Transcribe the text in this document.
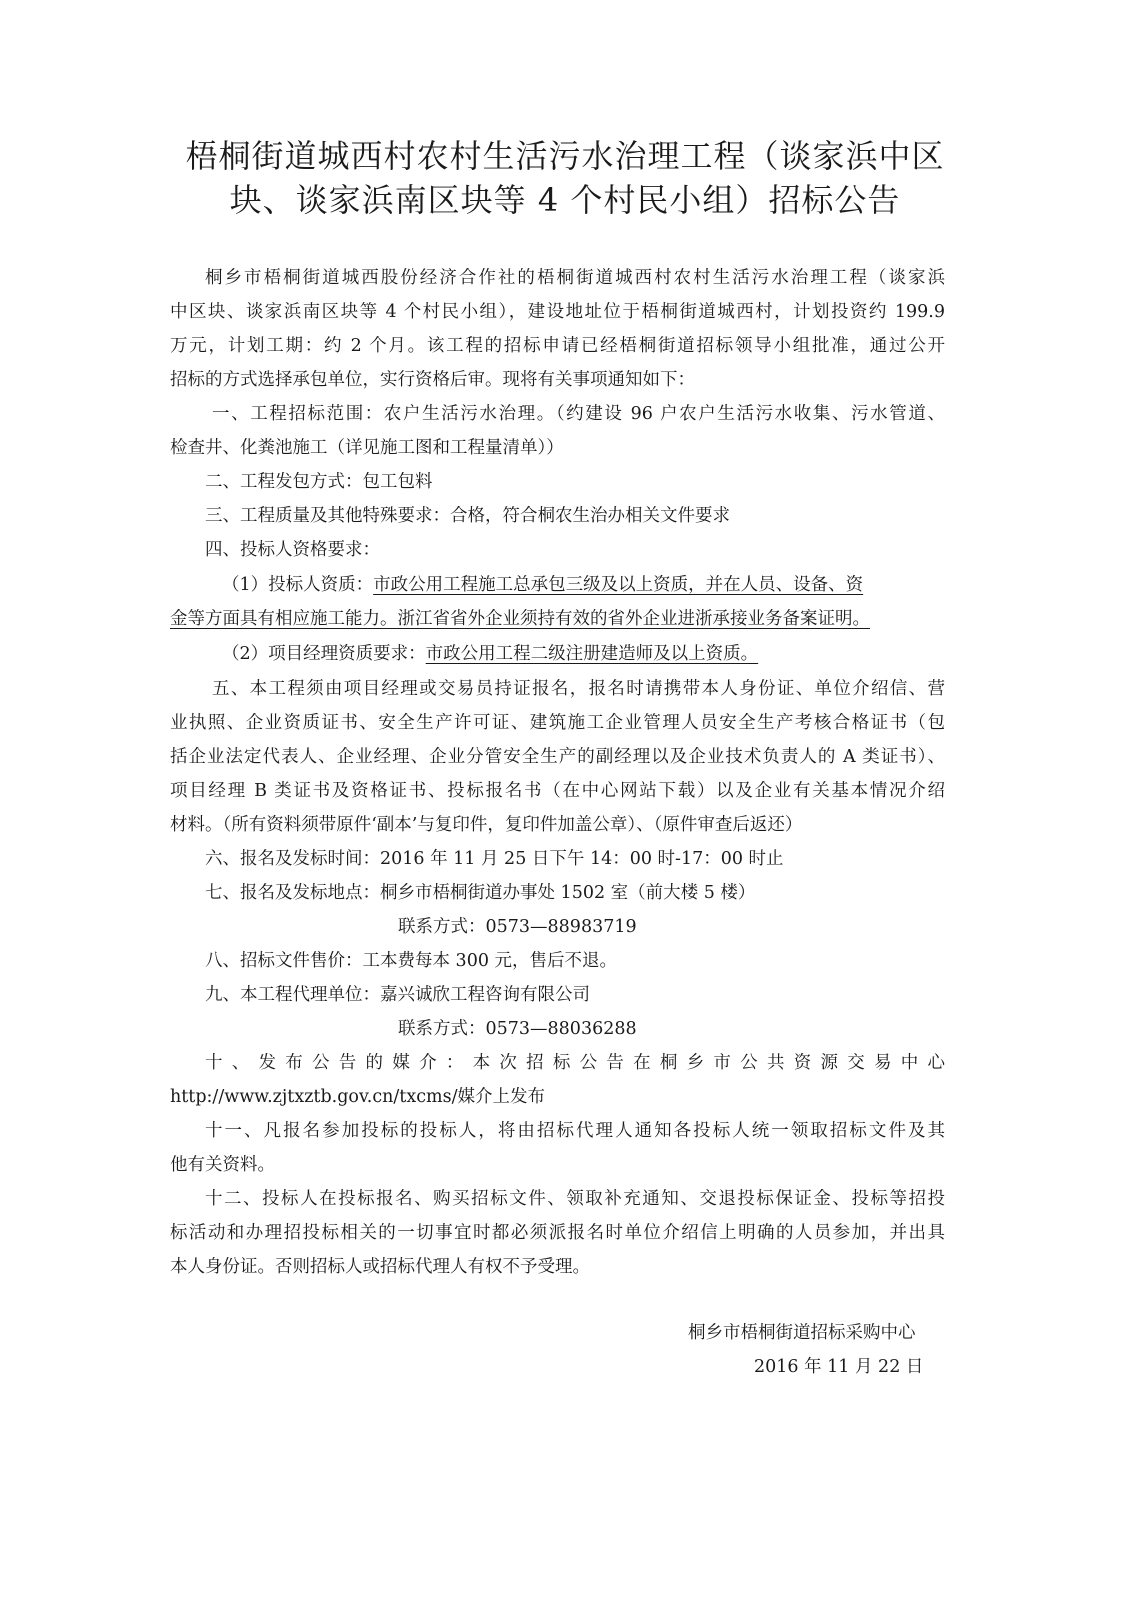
梧桐街道城西村农村生活污水治理工程（谈家浜中区
块、谈家浜南区块等 4 个村民小组）招标公告
桐乡市梧桐街道城西股份经济合作社的梧桐街道城西村农村生活污水治理工程（谈家浜
中区块、谈家浜南区块等 4 个村民小组），建设地址位于梧桐街道城西村，计划投资约 199.9
万元，计划工期：约 2 个月。该工程的招标申请已经梧桐街道招标领导小组批准，通过公开
招标的方式选择承包单位，实行资格后审。现将有关事项通知如下：
一、工程招标范围：农户生活污水治理。（约建设 96 户农户生活污水收集、污水管道、
检查井、化粪池施工（详见施工图和工程量清单））
二、工程发包方式：包工包料
三、工程质量及其他特殊要求：合格，符合桐农生治办相关文件要求
四、投标人资格要求：
（1）投标人资质：市政公用工程施工总承包三级及以上资质，并在人员、设备、资
金等方面具有相应施工能力。浙江省省外企业须持有效的省外企业进浙承接业务备案证明。
（2）项目经理资质要求：市政公用工程二级注册建造师及以上资质。
五、本工程须由项目经理或交易员持证报名，报名时请携带本人身份证、单位介绍信、营
业执照、企业资质证书、安全生产许可证、建筑施工企业管理人员安全生产考核合格证书（包
括企业法定代表人、企业经理、企业分管安全生产的副经理以及企业技术负责人的 A 类证书）、
项目经理 B 类证书及资格证书、投标报名书（在中心网站下载）以及企业有关基本情况介绍
材料。（所有资料须带原件‘副本’与复印件，复印件加盖公章）、（原件审查后返还）
六、报名及发标时间：2016 年 11 月 25 日下午 14：00 时-17：00 时止
七、报名及发标地点：桐乡市梧桐街道办事处 1502 室（前大楼 5 楼）
联系方式：0573—88983719
八、招标文件售价：工本费每本 300 元，售后不退。
九、本工程代理单位：嘉兴诚欣工程咨询有限公司
联系方式：0573—88036288
十、发布公告的媒介：本次招标公告在桐乡市公共资源交易中心
http://www.zjtxztb.gov.cn/txcms/媒介上发布
十一、凡报名参加投标的投标人，将由招标代理人通知各投标人统一领取招标文件及其
他有关资料。
十二、投标人在投标报名、购买招标文件、领取补充通知、交退投标保证金、投标等招投
标活动和办理招投标相关的一切事宜时都必须派报名时单位介绍信上明确的人员参加，并出具
本人身份证。否则招标人或招标代理人有权不予受理。
桐乡市梧桐街道招标采购中心
2016 年 11 月 22 日
